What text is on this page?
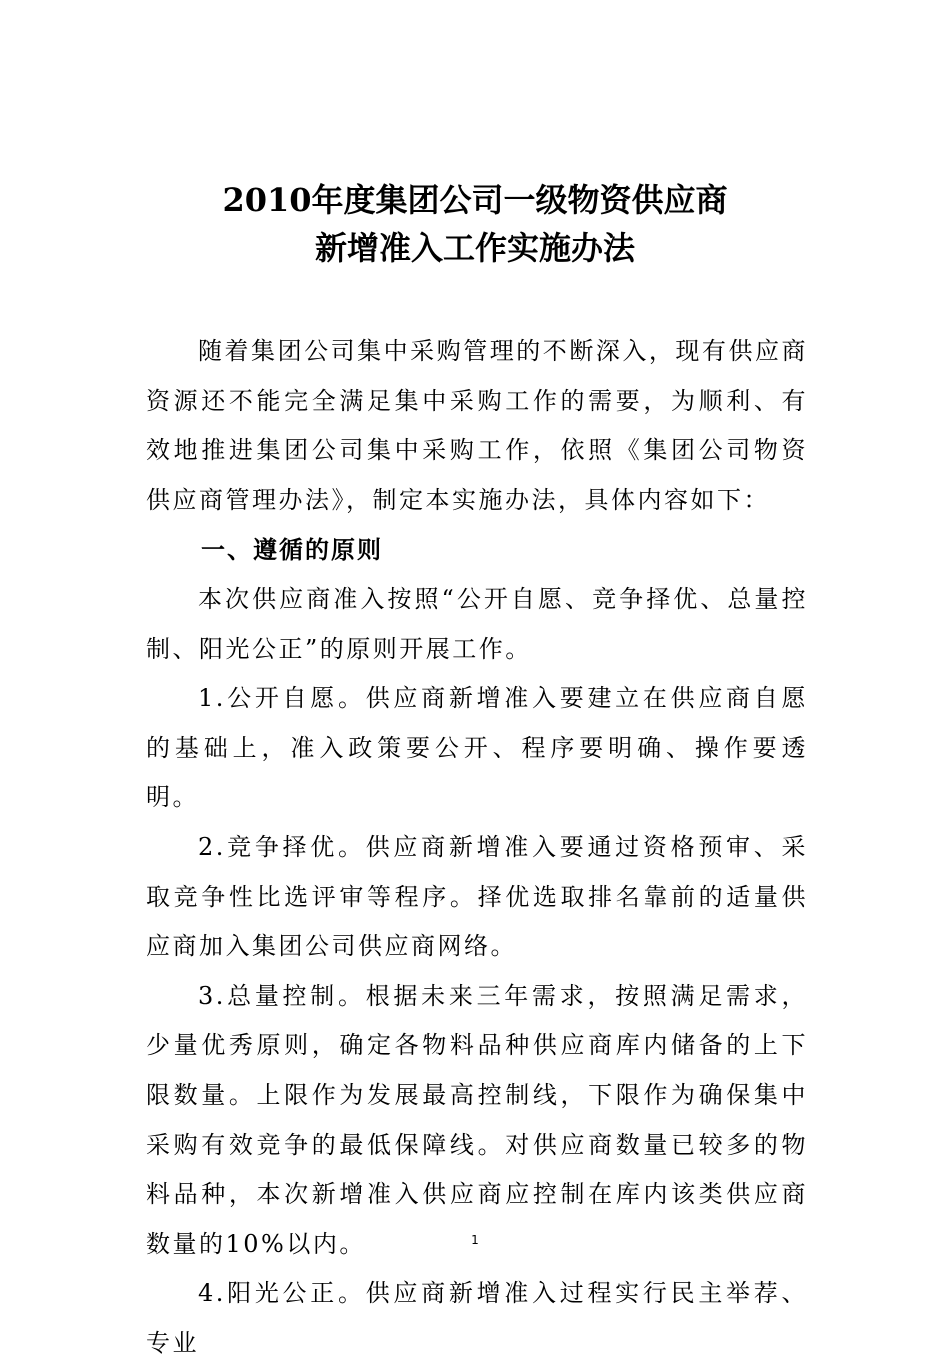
2010年度集团公司一级物资供应商
新增准入工作实施办法

随着集团公司集中采购管理的不断深入，现有供应商资源还不能完全满足集中采购工作的需要，为顺利、有效地推进集团公司集中采购工作，依照《集团公司物资供应商管理办法》，制定本实施办法，具体内容如下：

一、遵循的原则

本次供应商准入按照“公开自愿、竞争择优、总量控制、阳光公正”的原则开展工作。

1.公开自愿。供应商新增准入要建立在供应商自愿的基础上，准入政策要公开、程序要明确、操作要透明。

2.竞争择优。供应商新增准入要通过资格预审、采取竞争性比选评审等程序。择优选取排名靠前的适量供应商加入集团公司供应商网络。

3.总量控制。根据未来三年需求，按照满足需求，少量优秀原则，确定各物料品种供应商库内储备的上下限数量。上限作为发展最高控制线，下限作为确保集中采购有效竞争的最低保障线。对供应商数量已较多的物料品种，本次新增准入供应商应控制在库内该类供应商数量的10%以内。

4.阳光公正。供应商新增准入过程实行民主举荐、专业

1
